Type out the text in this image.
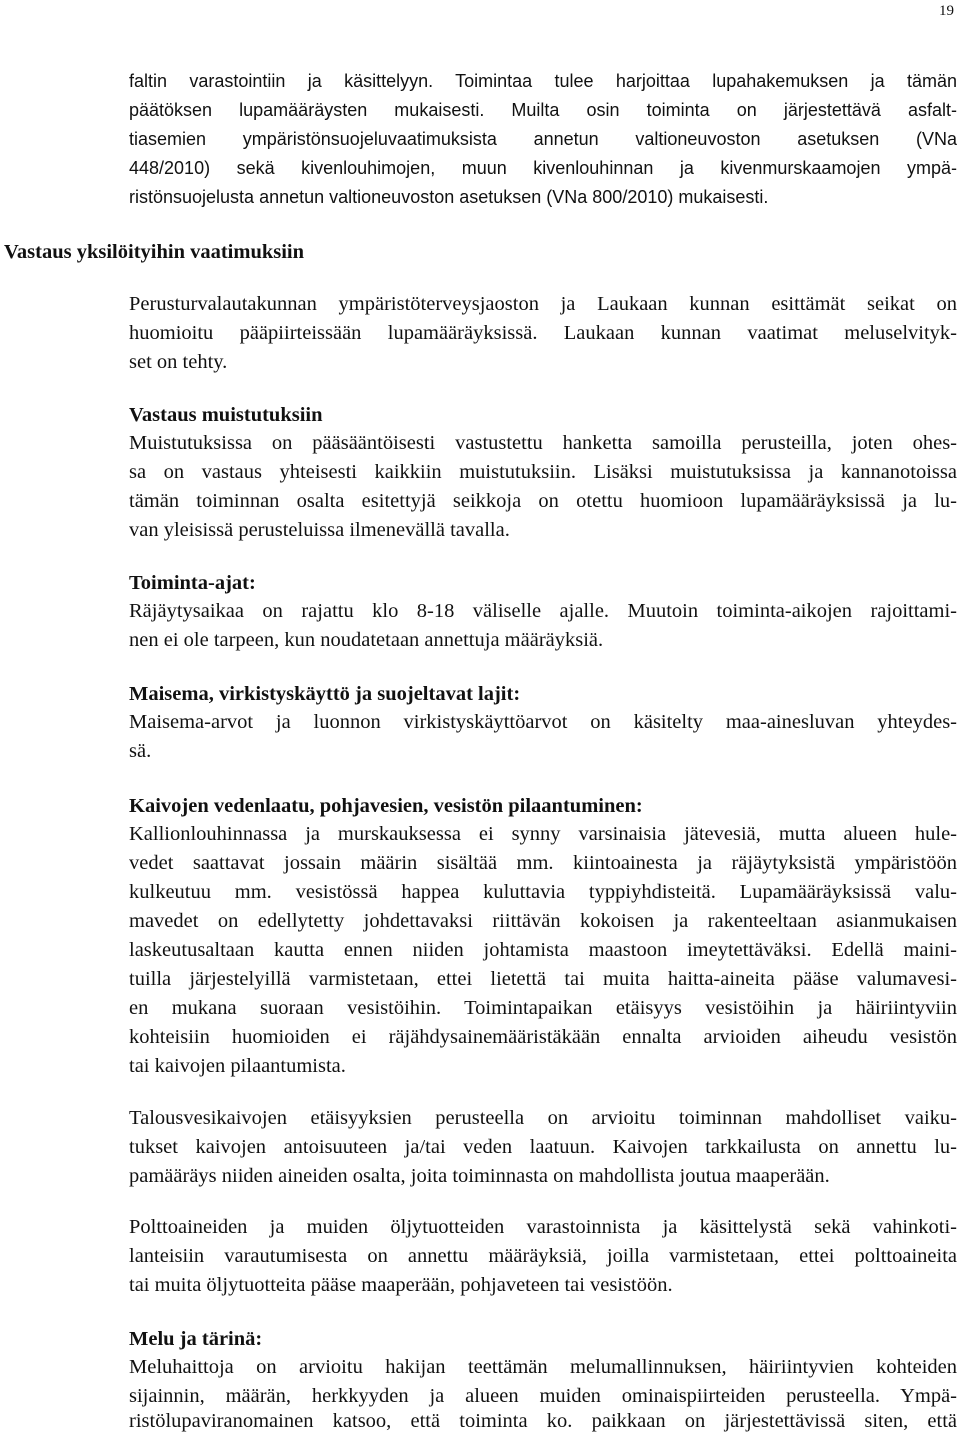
19
faltin varastointiin ja käsittelyyn. Toimintaa tulee harjoittaa lupahakemuksen ja tämän
päätöksen lupamääräysten mukaisesti. Muilta osin toiminta on järjestettävä asfalt-
tiasemien ympäristönsuojeluvaatimuksista annetun valtioneuvoston asetuksen (VNa
448/2010) sekä kivenlouhimojen, muun kivenlouhinnan ja kivenmurskaamojen ympä-
ristönsuojelusta annetun valtioneuvoston asetuksen (VNa 800/2010) mukaisesti.
Vastaus yksilöityihin vaatimuksiin
Perusturvalautakunnan ympäristöterveysjaoston ja Laukaan kunnan esittämät seikat on
huomioitu pääpiirteissään lupamääräyksissä. Laukaan kunnan vaatimat meluselvityk-
set on tehty.
Vastaus muistutuksiin
Muistutuksissa on pääsääntöisesti vastustettu hanketta samoilla perusteilla, joten ohes-
sa on vastaus yhteisesti kaikkiin muistutuksiin. Lisäksi muistutuksissa ja kannanotoissa
tämän toiminnan osalta esitettyjä seikkoja on otettu huomioon lupamääräyksissä ja lu-
van yleisissä perusteluissa ilmenevällä tavalla.
Toiminta-ajat:
Räjäytysaikaa on rajattu klo 8-18 väliselle ajalle. Muutoin toiminta-aikojen rajoittami-
nen ei ole tarpeen, kun noudatetaan annettuja määräyksiä.
Maisema, virkistyskäyttö ja suojeltavat lajit:
Maisema-arvot ja luonnon virkistyskäyttöarvot on käsitelty maa-ainesluvan yhteydes-
sä.
Kaivojen vedenlaatu, pohjavesien, vesistön pilaantuminen:
Kallionlouhinnassa ja murskauksessa ei synny varsinaisia jätevesiä, mutta alueen hule-
vedet saattavat jossain määrin sisältää mm. kiintoainesta ja räjäytyksistä ympäristöön
kulkeutuu mm. vesistössä happea kuluttavia typpiyhdisteitä. Lupamääräyksissä valu-
mavedet on edellytetty johdettavaksi riittävän kokoisen ja rakenteeltaan asianmukaisen
laskeutusaltaan kautta ennen niiden johtamista maastoon imeytettäväksi. Edellä maini-
tuilla järjestelyillä varmistetaan, ettei lietettä tai muita haitta-aineita pääse valumavesi-
en mukana suoraan vesistöihin. Toimintapaikan etäisyys vesistöihin ja häiriintyviin
kohteisiin huomioiden ei räjähdysainemääristäkään ennalta arvioiden aiheudu vesistön
tai kaivojen pilaantumista.
Talousvesikaivojen etäisyyksien perusteella on arvioitu toiminnan mahdolliset vaiku-
tukset kaivojen antoisuuteen ja/tai veden laatuun. Kaivojen tarkkailusta on annettu lu-
pamääräys niiden aineiden osalta, joita toiminnasta on mahdollista joutua maaperään.
Polttoaineiden ja muiden öljytuotteiden varastoinnista ja käsittelystä sekä vahinkoti-
lanteisiin varautumisesta on annettu määräyksiä, joilla varmistetaan, ettei polttoaineita
tai muita öljytuotteita pääse maaperään, pohjaveteen tai vesistöön.
Melu ja tärinä:
Meluhaittoja on arvioitu hakijan teettämän melumallinnuksen, häiriintyvien kohteiden
sijainnin, määrän, herkkyyden ja alueen muiden ominaispiirteiden perusteella. Ympä-
ristölupaviranomainen katsoo, että toiminta ko. paikkaan on järjestettävissä siten, että
